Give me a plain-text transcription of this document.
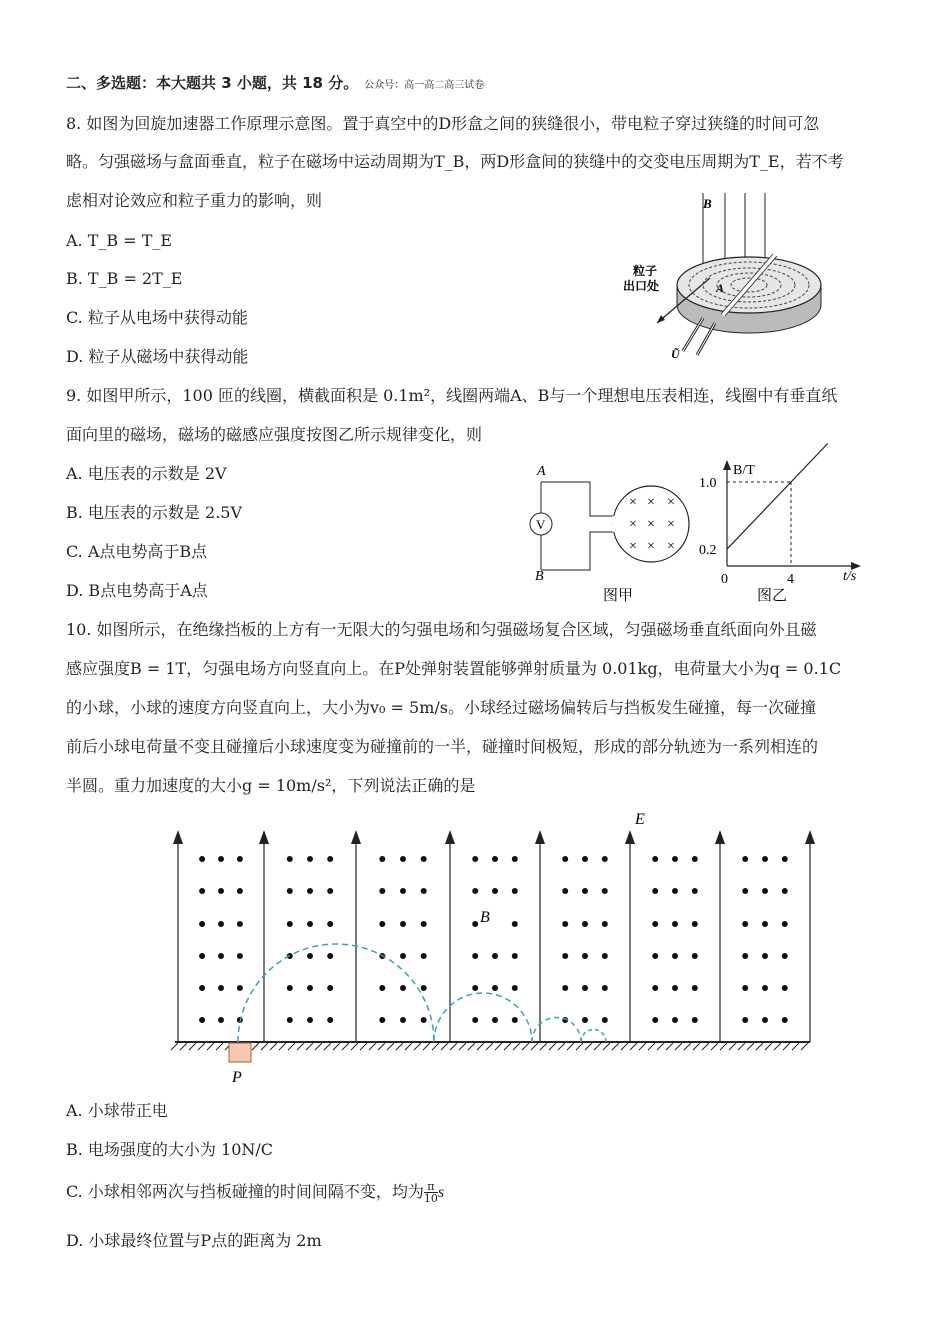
二、多选题：本大题共 3 小题，共 18 分。 公众号：高一高二高三试卷
8. 如图为回旋加速器工作原理示意图。置于真空中的D形盒之间的狭缝很小，带电粒子穿过狭缝的时间可忽
略。匀强磁场与盒面垂直，粒子在磁场中运动周期为T_B，两D形盒间的狭缝中的交变电压周期为T_E，若不考
虑相对论效应和粒子重力的影响，则
A. T_B = T_E
B. T_B = 2T_E
C. 粒子从电场中获得动能
D. 粒子从磁场中获得动能
B
A
粒子
出口处
Ũ
9. 如图甲所示，100 匝的线圈，横截面积是 0.1m²，线圈两端A、B与一个理想电压表相连，线圈中有垂直纸
面向里的磁场，磁场的磁感应强度按图乙所示规律变化，则
A. 电压表的示数是 2V
B. 电压表的示数是 2.5V
C. A点电势高于B点
D. B点电势高于A点
A
B
V
× × ×
× × ×
× × ×
图甲
B/T
t/s
0	4
1.0
0.2
图乙
10. 如图所示，在绝缘挡板的上方有一无限大的匀强电场和匀强磁场复合区域，匀强磁场垂直纸面向外且磁
感应强度B = 1T，匀强电场方向竖直向上。在P处弹射装置能够弹射质量为 0.01kg，电荷量大小为q = 0.1C
的小球，小球的速度方向竖直向上，大小为v₀ = 5m/s。小球经过磁场偏转后与挡板发生碰撞，每一次碰撞
前后小球电荷量不变且碰撞后小球速度变为碰撞前的一半，碰撞时间极短，形成的部分轨迹为一系列相连的
半圆。重力加速度的大小g = 10m/s²，下列说法正确的是
E
B
P
A. 小球带正电
B. 电场强度的大小为 10N/C
C. 小球相邻两次与挡板碰撞的时间间隔不变，均为 $\frac{\pi}{10}$ s
D. 小球最终位置与P点的距离为 2m
